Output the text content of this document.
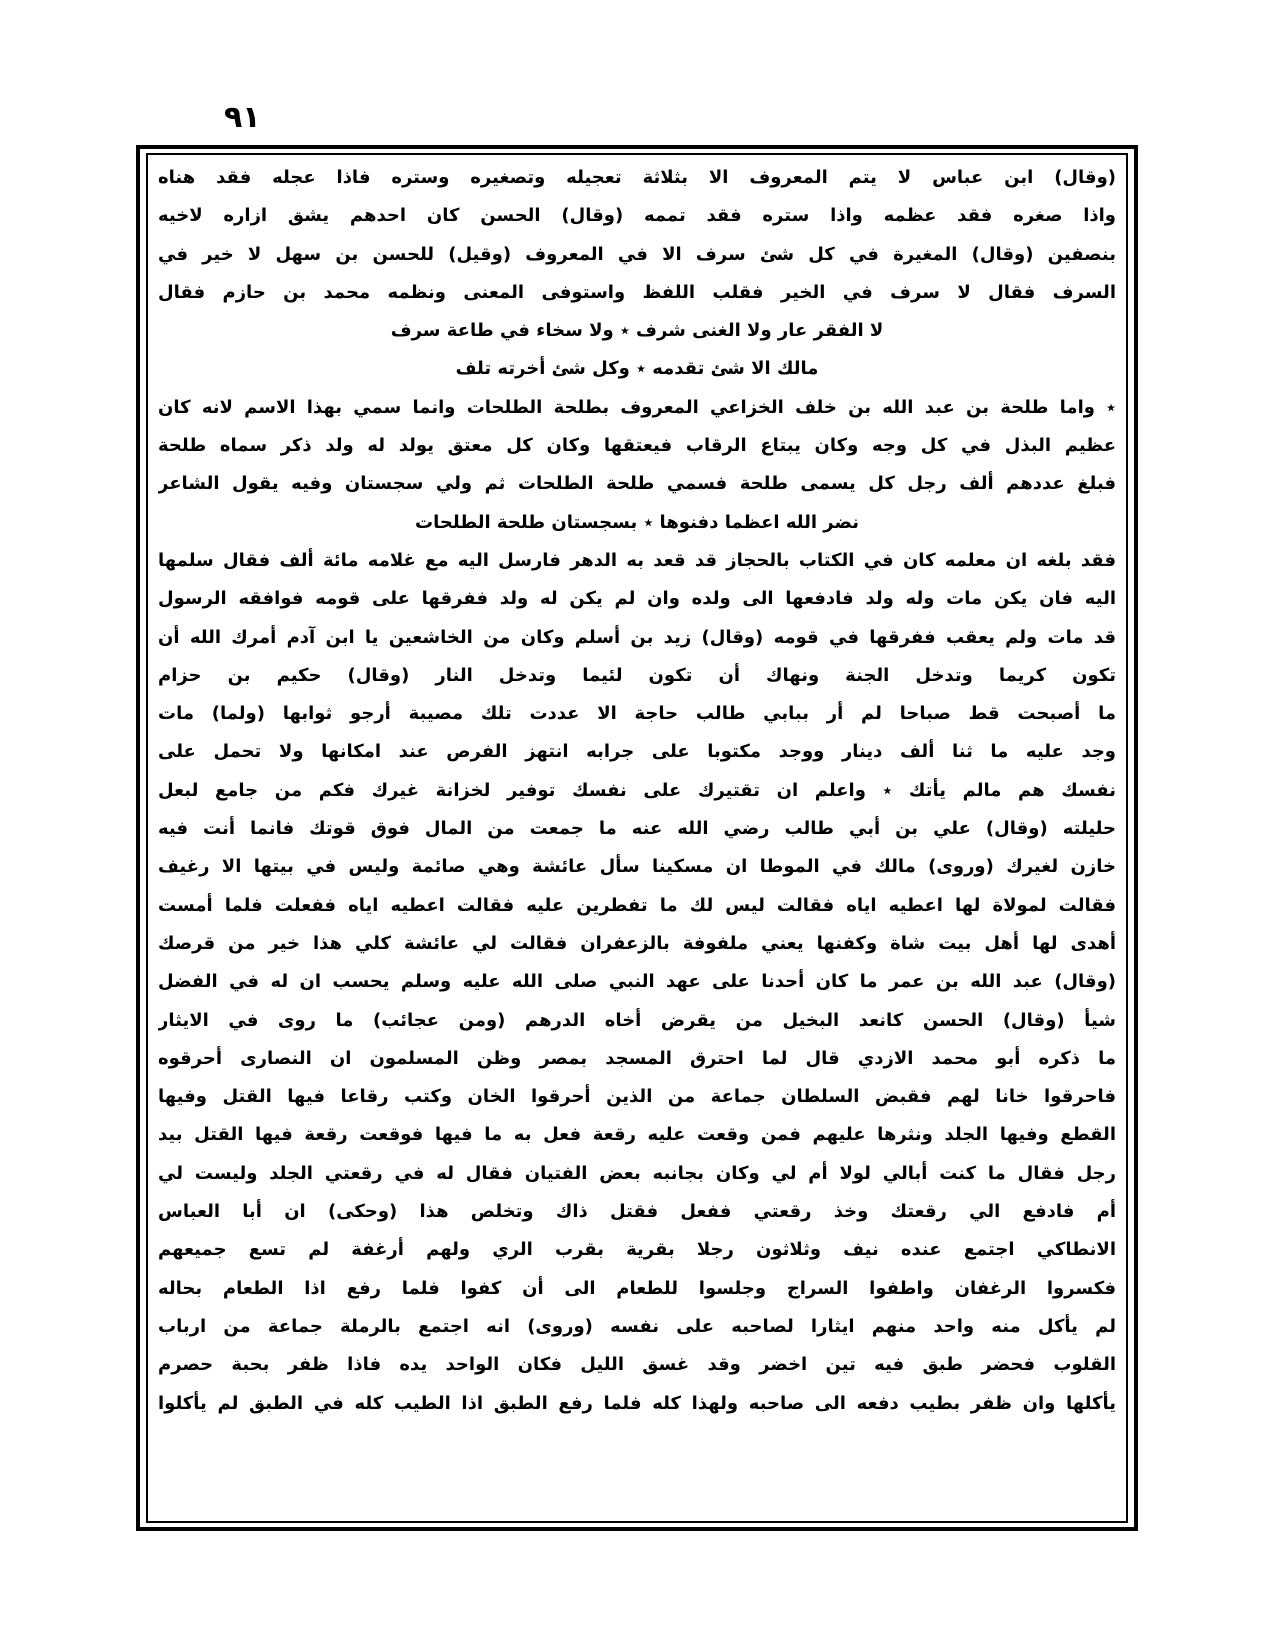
٩١
(وقال) ابن عباس لا يتم المعروف الا بثلاثة تعجيله وتصغيره وستره فاذا عجله فقد هناه
واذا صغره فقد عظمه واذا ستره فقد تممه (وقال) الحسن كان احدهم يشق ازاره لاخيه
بنصفين (وقال) المغيرة في كل شئ سرف الا في المعروف (وقيل) للحسن بن سهل لا خير في
السرف فقال لا سرف في الخير فقلب اللفظ واستوفى المعنى ونظمه محمد بن حازم فقال
لا الفقر عار ولا الغنى شرف ٭ ولا سخاء في طاعة سرف
مالك الا شئ تقدمه ٭ وكل شئ أخرته تلف
٭ واما طلحة بن عبد الله بن خلف الخزاعي المعروف بطلحة الطلحات وانما سمي بهذا الاسم لانه كان
عظيم البذل في كل وجه وكان يبتاع الرقاب فيعتقها وكان كل معتق يولد له ولد ذكر سماه طلحة
فبلغ عددهم ألف رجل كل يسمى طلحة فسمي طلحة الطلحات ثم ولي سجستان وفيه يقول الشاعر
نضر الله اعظما دفنوها ٭ بسجستان طلحة الطلحات
فقد بلغه ان معلمه كان في الكتاب بالحجاز قد قعد به الدهر فارسل اليه مع غلامه مائة ألف فقال سلمها
اليه فان يكن مات وله ولد فادفعها الى ولده وان لم يكن له ولد ففرقها على قومه فوافقه الرسول
قد مات ولم يعقب ففرقها في قومه (وقال) زيد بن أسلم وكان من الخاشعين يا ابن آدم أمرك الله أن
تكون كريما وتدخل الجنة ونهاك أن تكون لئيما وتدخل النار (وقال) حكيم بن حزام
ما أصبحت قط صباحا لم أر ببابي طالب حاجة الا عددت تلك مصيبة أرجو ثوابها (ولما) مات
وجد عليه ما ثنا ألف دينار ووجد مكتوبا على جرابه انتهز الفرص عند امكانها ولا تحمل على
نفسك هم مالم يأتك ٭ واعلم ان تقتيرك على نفسك توفير لخزانة غيرك فكم من جامع لبعل
حليلته (وقال) علي بن أبي طالب رضي الله عنه ما جمعت من المال فوق قوتك فانما أنت فيه
خازن لغيرك (وروى) مالك في الموطا ان مسكينا سأل عائشة وهي صائمة وليس في بيتها الا رغيف
فقالت لمولاة لها اعطيه اياه فقالت ليس لك ما تفطرين عليه فقالت اعطيه اياه ففعلت فلما أمست
أهدى لها أهل بيت شاة وكفنها يعني ملفوفة بالزعفران فقالت لي عائشة كلي هذا خير من قرصك
(وقال) عبد الله بن عمر ما كان أحدنا على عهد النبي صلى الله عليه وسلم يحسب ان له في الفضل
شيأ (وقال) الحسن كانعد البخيل من يقرض أخاه الدرهم (ومن عجائب) ما روى في الايثار
ما ذكره أبو محمد الازدي قال لما احترق المسجد بمصر وظن المسلمون ان النصارى أحرقوه
فاحرقوا خانا لهم فقبض السلطان جماعة من الذين أحرقوا الخان وكتب رقاعا فيها القتل وفيها
القطع وفيها الجلد ونثرها عليهم فمن وقعت عليه رقعة فعل به ما فيها فوقعت رقعة فيها القتل بيد
رجل فقال ما كنت أبالي لولا أم لي وكان بجانبه بعض الفتيان فقال له في رقعتي الجلد وليست لي
أم فادفع الي رقعتك وخذ رقعتي ففعل فقتل ذاك وتخلص هذا (وحكى) ان أبا العباس
الانطاكي اجتمع عنده نيف وثلاثون رجلا بقرية بقرب الري ولهم أرغفة لم تسع جميعهم
فكسروا الرغفان واطفوا السراج وجلسوا للطعام الى أن كفوا فلما رفع اذا الطعام بحاله
لم يأكل منه واحد منهم ايثارا لصاحبه على نفسه (وروى) انه اجتمع بالرملة جماعة من ارباب
القلوب فحضر طبق فيه تين اخضر وقد غسق الليل فكان الواحد يده فاذا ظفر بحبة حصرم
يأكلها وان ظفر بطيب دفعه الى صاحبه ولهذا كله فلما رفع الطبق اذا الطيب كله في الطبق لم يأكلوا
